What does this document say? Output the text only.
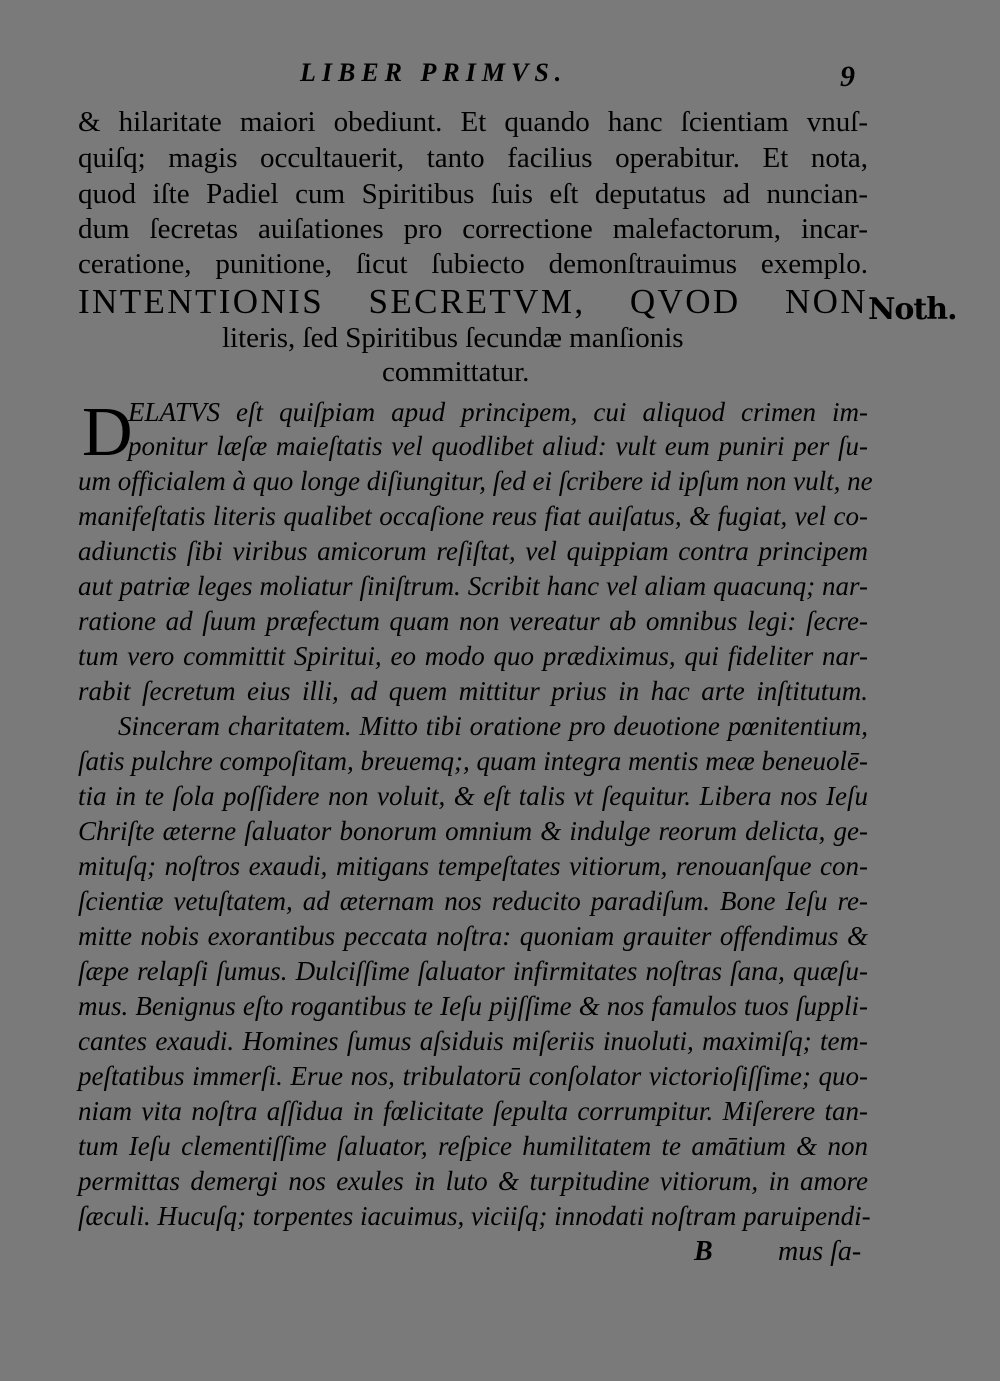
LIBER PRIMVS.	9
& hilaritate maiori obediunt. Et quando hanc ſcientiam vnuſ-
quiſq; magis occultauerit, tanto facilius operabitur. Et nota,
quod iſte Padiel cum Spiritibus ſuis eſt deputatus ad nuncian-
dum ſecretas auiſationes pro correctione malefactorum, incar-
ceratione, punitione, ſicut ſubiecto demonſtrauimus exemplo.
INTENTIONIS SECRETVM, QVOD NON
literis, ſed Spiritibus ſecundæ manſionis
committatur.
Noth.
D
ELATVS eſt quiſpiam apud principem, cui aliquod crimen im-
ponitur læſæ maieſtatis vel quodlibet aliud: vult eum puniri per ſu-
um officialem à quo longe diſiungitur, ſed ei ſcribere id ipſum non vult, ne
manifeſtatis literis qualibet occaſione reus fiat auiſatus, & fugiat, vel co-
adiunctis ſibi viribus amicorum reſiſtat, vel quippiam contra principem
aut patriæ leges moliatur ſiniſtrum. Scribit hanc vel aliam quacunq; nar-
ratione ad ſuum præfectum quam non vereatur ab omnibus legi: ſecre-
tum vero committit Spiritui, eo modo quo prædiximus, qui fideliter nar-
rabit ſecretum eius illi, ad quem mittitur prius in hac arte inſtitutum.
Sinceram charitatem. Mitto tibi oratione pro deuotione pœnitentium,
ſatis pulchre compoſitam, breuemq;, quam integra mentis meæ beneuolē-
tia in te ſola poſſidere non voluit, & eſt talis vt ſequitur. Libera nos Ieſu
Chriſte æterne ſaluator bonorum omnium & indulge reorum delicta, ge-
mituſq; noſtros exaudi, mitigans tempeſtates vitiorum, renouanſque con-
ſcientiæ vetuſtatem, ad æternam nos reducito paradiſum. Bone Ieſu re-
mitte nobis exorantibus peccata noſtra: quoniam grauiter offendimus &
ſæpe relapſi ſumus. Dulciſſime ſaluator infirmitates noſtras ſana, quæſu-
mus. Benignus eſto rogantibus te Ieſu pijſſime & nos famulos tuos ſuppli-
cantes exaudi. Homines ſumus aſsiduis miſeriis inuoluti, maximiſq; tem-
peſtatibus immerſi. Erue nos, tribulatorū conſolator victorioſiſſime; quo-
niam vita noſtra aſſidua in fœlicitate ſepulta corrumpitur. Miſerere tan-
tum Ieſu clementiſſime ſaluator, reſpice humilitatem te amātium & non
permittas demergi nos exules in luto & turpitudine vitiorum, in amore
ſæculi. Hucuſq; torpentes iacuimus, viciiſq; innodati noſtram paruipendi-
B mus ſa-
